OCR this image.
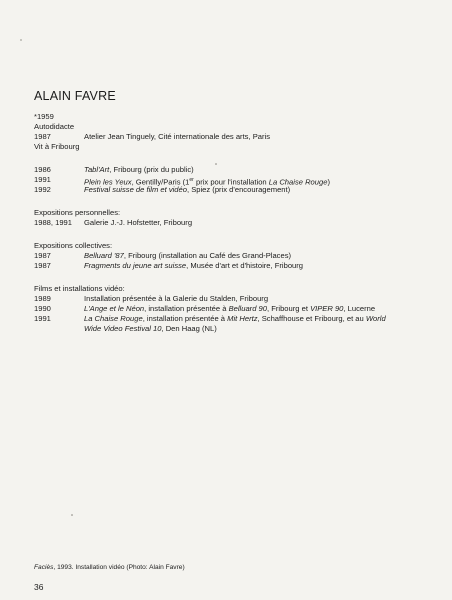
ALAIN FAVRE
*1959
Autodidacte
1987	Atelier Jean Tinguely, Cité internationale des arts, Paris
Vit à Fribourg
1986	Tabl'Art, Fribourg (prix du public)
1991	Plein les Yeux, Gentilly/Paris (1er prix pour l'installation La Chaise Rouge)
1992	Festival suisse de film et vidéo, Spiez (prix d'encouragement)
Expositions personnelles:
1988, 1991 Galerie J.-J. Hofstetter, Fribourg
Expositions collectives:
1987	Belluard '87, Fribourg (installation au Café des Grand-Places)
1987	Fragments du jeune art suisse, Musée d'art et d'histoire, Fribourg
Films et installations vidéo:
1989	Installation présentée à la Galerie du Stalden, Fribourg
1990	L'Ange et le Néon, installation présentée à Belluard 90, Fribourg et VIPER 90, Lucerne
1991	La Chaise Rouge, installation présentée à Mit Hertz, Schaffhouse et Fribourg, et au World
Wide Video Festival 10, Den Haag (NL)
Faciès, 1993. Installation vidéo (Photo: Alain Favre)
36
